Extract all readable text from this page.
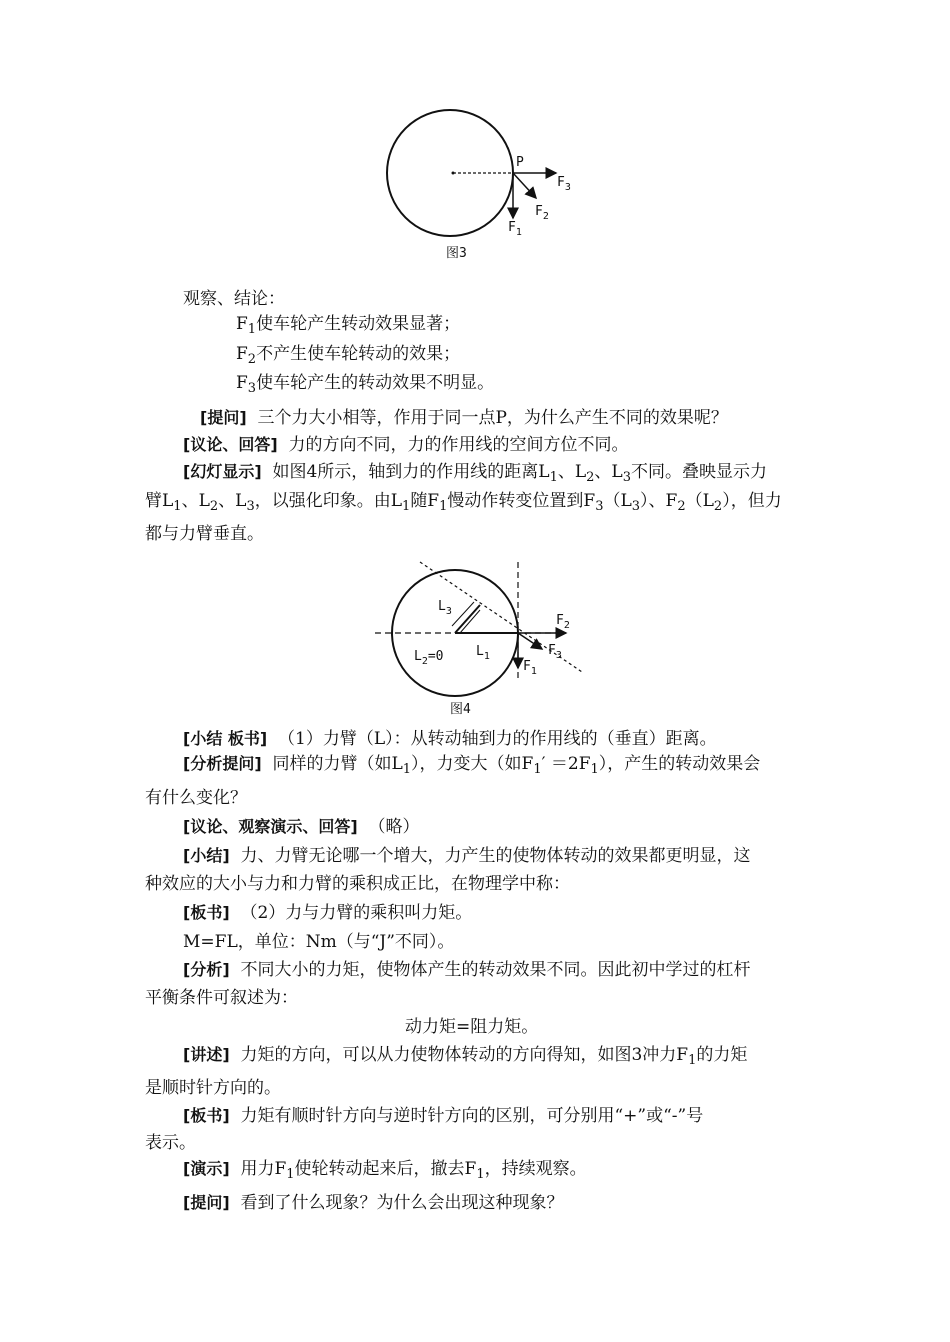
P
$F_3$
$F_2$
$F_1$
图3
观察、结论：
$F_1$使车轮产生转动效果显著；
$F_2$不产生使车轮转动的效果；
$F_3$使车轮产生的转动效果不明显。
[提问] 三个力大小相等，作用于同一点P，为什么产生不同的效果呢？
[议论、回答] 力的方向不同，力的作用线的空间方位不同。
[幻灯显示] 如图4所示，轴到力的作用线的距离$L_1$、$L_2$、$L_3$不同。叠映显示力
臂$L_1$、$L_2$、$L_3$，以强化印象。由$L_1$随$F_1$慢动作转变位置到$F_3(L_3)$、$F_2(L_2)$，但力
都与力臂垂直。
$L_3$
$L_1$
$L_2=0$
$F_2$
$F_3$
$F_1$
图4
[小结 板书] （1）力臂（L）：从转动轴到力的作用线的（垂直）距离。
[分析提问] 同样的力臂（如$L_1$），力变大（如$F_1' =2F_1$），产生的转动效果会
有什么变化？
[议论、观察演示、回答] （略）
[小结] 力、力臂无论哪一个增大，力产生的使物体转动的效果都更明显，这
种效应的大小与力和力臂的乘积成正比，在物理学中称：
[板书] （2）力与力臂的乘积叫力矩。
M=FL，单位：Nm（与“J”不同）。
[分析] 不同大小的力矩，使物体产生的转动效果不同。因此初中学过的杠杆
平衡条件可叙述为：
动力矩=阻力矩。
[讲述] 力矩的方向，可以从力使物体转动的方向得知，如图3冲力$F_1$的力矩
是顺时针方向的。
[板书] 力矩有顺时针方向与逆时针方向的区别，可分别用“+”或“-”号
表示。
[演示] 用力$F_1$使轮转动起来后，撤去$F_1$，持续观察。
[提问] 看到了什么现象？为什么会出现这种现象？
